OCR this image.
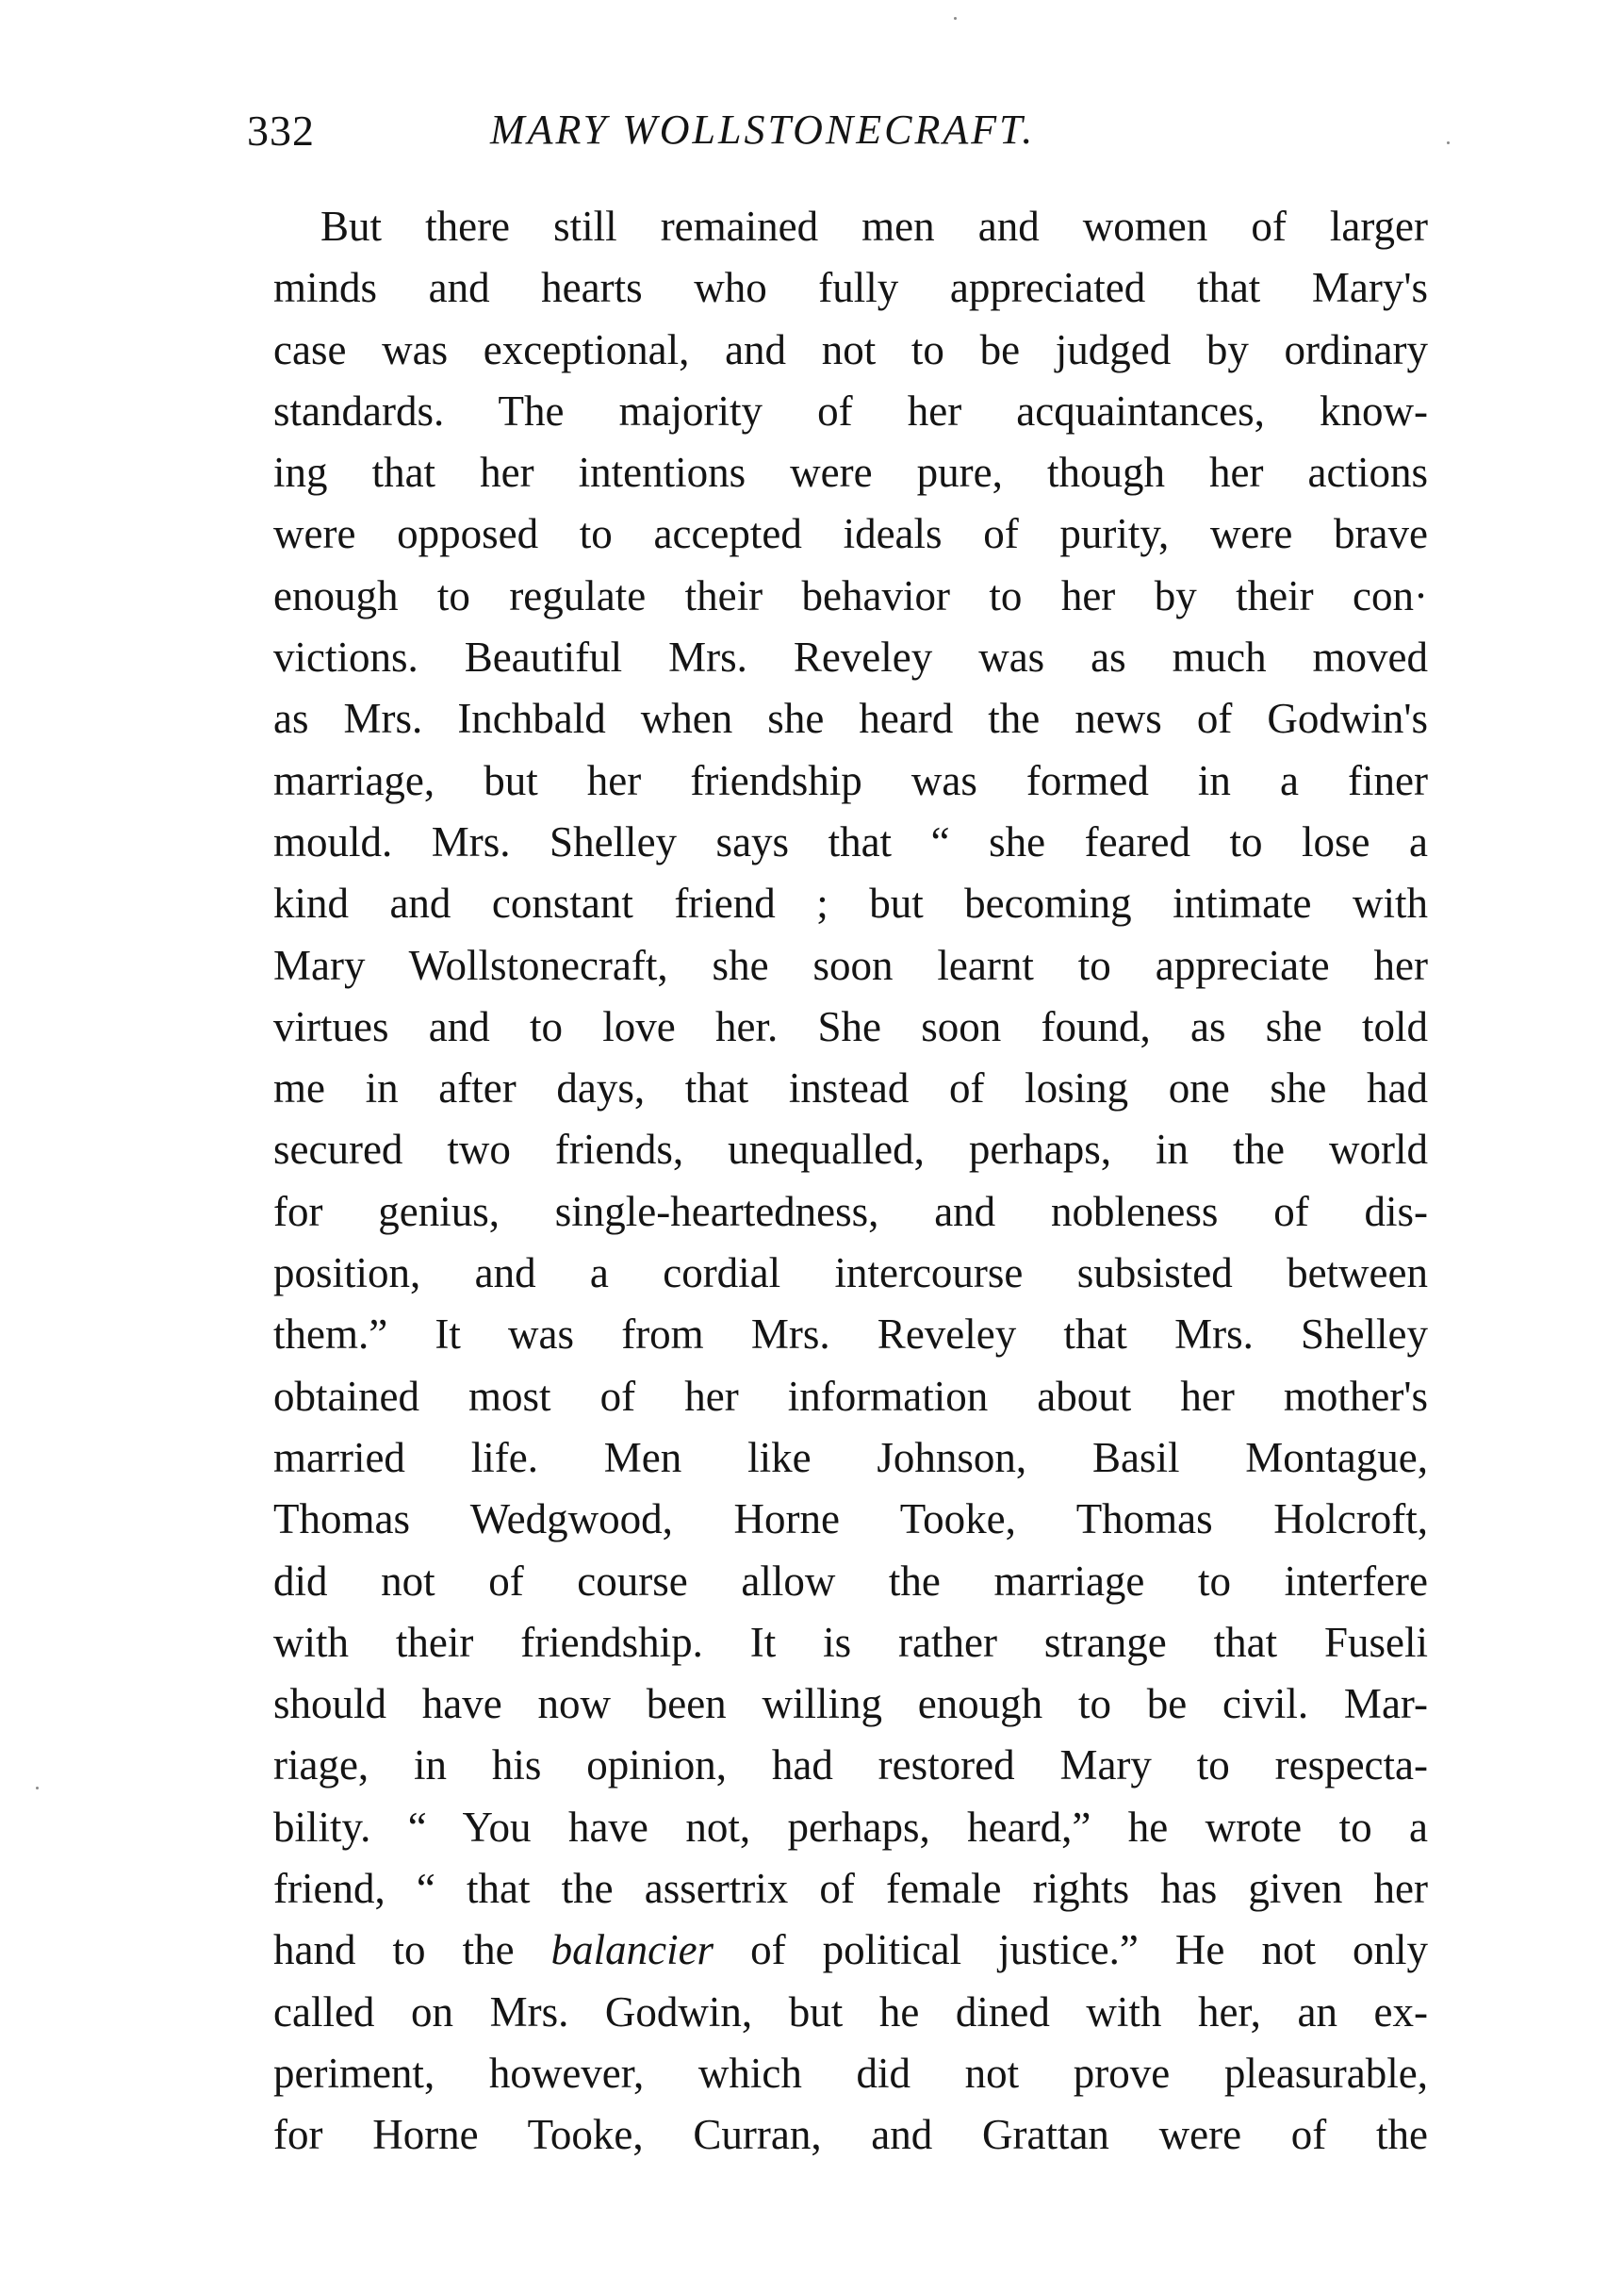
332	MARY WOLLSTONECRAFT.
But there still remained men and women of larger
minds and hearts who fully appreciated that Mary's
case was exceptional, and not to be judged by ordinary
standards. The majority of her acquaintances, know-
ing that her intentions were pure, though her actions
were opposed to accepted ideals of purity, were brave
enough to regulate their behavior to her by their con·
victions. Beautiful Mrs. Reveley was as much moved
as Mrs. Inchbald when she heard the news of Godwin's
marriage, but her friendship was formed in a finer
mould. Mrs. Shelley says that “ she feared to lose a
kind and constant friend ; but becoming intimate with
Mary Wollstonecraft, she soon learnt to appreciate her
virtues and to love her. She soon found, as she told
me in after days, that instead of losing one she had
secured two friends, unequalled, perhaps, in the world
for genius, single-heartedness, and nobleness of dis-
position, and a cordial intercourse subsisted between
them.” It was from Mrs. Reveley that Mrs. Shelley
obtained most of her information about her mother's
married life. Men like Johnson, Basil Montague,
Thomas Wedgwood, Horne Tooke, Thomas Holcroft,
did not of course allow the marriage to interfere
with their friendship. It is rather strange that Fuseli
should have now been willing enough to be civil. Mar-
riage, in his opinion, had restored Mary to respecta-
bility. “ You have not, perhaps, heard,” he wrote to a
friend, “ that the assertrix of female rights has given her
hand to the balancier of political justice.” He not only
called on Mrs. Godwin, but he dined with her, an ex-
periment, however, which did not prove pleasurable,
for Horne Tooke, Curran, and Grattan were of the
